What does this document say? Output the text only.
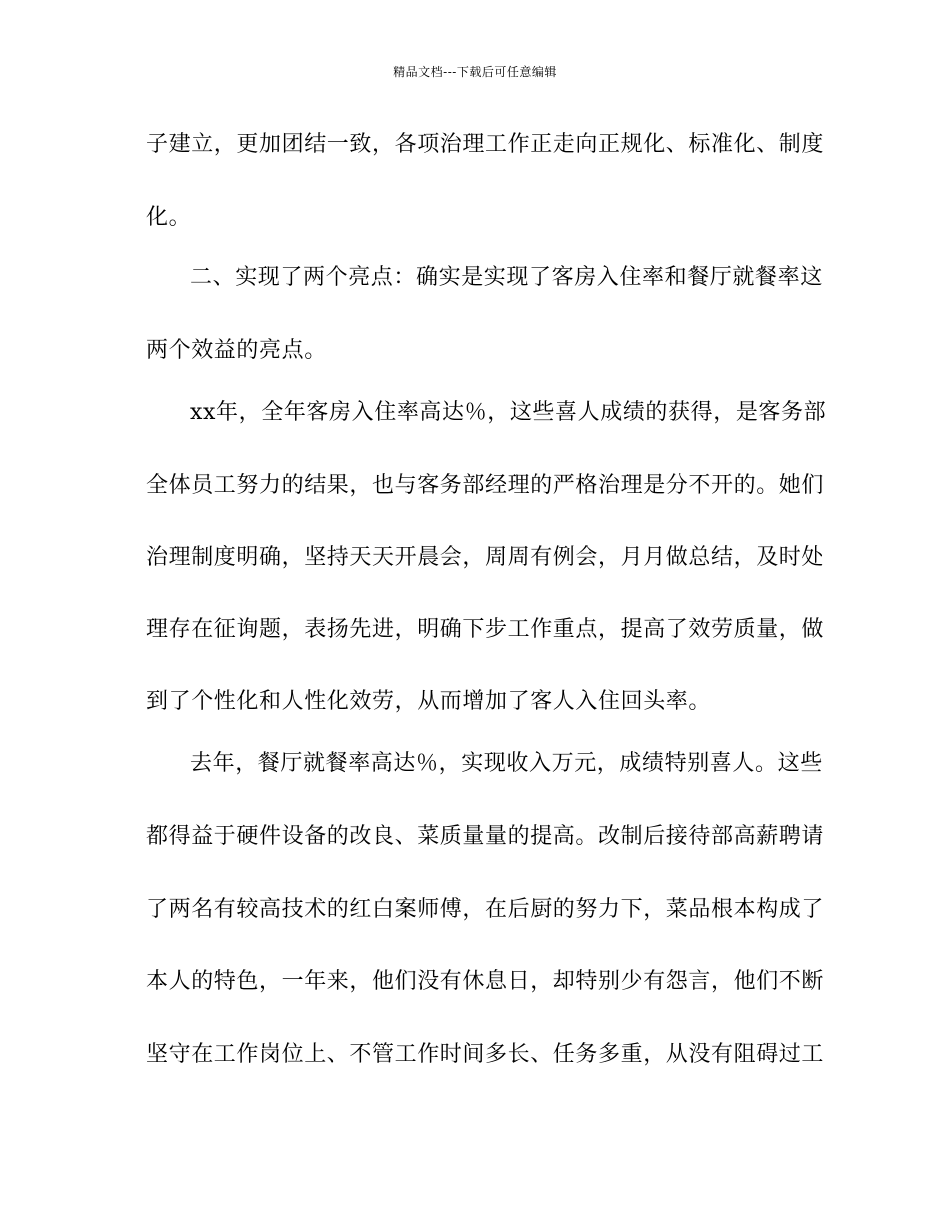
精品文档---下载后可任意编辑
子建立，更加团结一致，各项治理工作正走向正规化、标准化、制度
化。
二、实现了两个亮点：确实是实现了客房入住率和餐厅就餐率这
两个效益的亮点。
xx年，全年客房入住率高达％，这些喜人成绩的获得，是客务部
全体员工努力的结果，也与客务部经理的严格治理是分不开的。她们
治理制度明确，坚持天天开晨会，周周有例会，月月做总结，及时处
理存在征询题，表扬先进，明确下步工作重点，提高了效劳质量，做
到了个性化和人性化效劳，从而增加了客人入住回头率。
去年，餐厅就餐率高达％，实现收入万元，成绩特别喜人。这些
都得益于硬件设备的改良、菜质量量的提高。改制后接待部高薪聘请
了两名有较高技术的红白案师傅，在后厨的努力下，菜品根本构成了
本人的特色，一年来，他们没有休息日，却特别少有怨言，他们不断
坚守在工作岗位上、不管工作时间多长、任务多重，从没有阻碍过工
